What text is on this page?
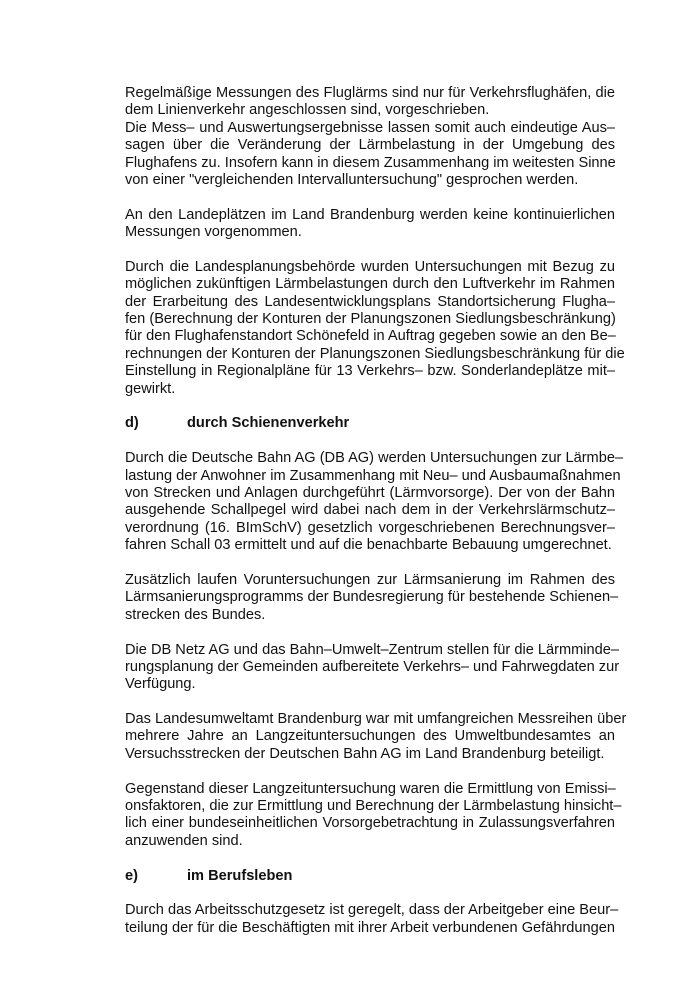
Regelmäßige Messungen des Fluglärms sind nur für Verkehrsflughäfen, die
dem Linienverkehr angeschlossen sind, vorgeschrieben.
Die Mess– und Auswertungsergebnisse lassen somit auch eindeutige Aus–
sagen über die Veränderung der Lärmbelastung in der Umgebung des
Flughafens zu. Insofern kann in diesem Zusammenhang im weitesten Sinne
von einer "vergleichenden Intervalluntersuchung" gesprochen werden.
An den Landeplätzen im Land Brandenburg werden keine kontinuierlichen
Messungen vorgenommen.
Durch die Landesplanungsbehörde wurden Untersuchungen mit Bezug zu
möglichen zukünftigen Lärmbelastungen durch den Luftverkehr im Rahmen
der Erarbeitung des Landesentwicklungsplans Standortsicherung Flugha–
fen (Berechnung der Konturen der Planungszonen Siedlungsbeschränkung)
für den Flughafenstandort Schönefeld in Auftrag gegeben sowie an den Be–
rechnungen der Konturen der Planungszonen Siedlungsbeschränkung für die
Einstellung in Regionalpläne für 13 Verkehrs– bzw. Sonderlandeplätze mit–
gewirkt.
d)	durch Schienenverkehr
Durch die Deutsche Bahn AG (DB AG) werden Untersuchungen zur Lärmbe–
lastung der Anwohner im Zusammenhang mit Neu– und Ausbaumaßnahmen
von Strecken und Anlagen durchgeführt (Lärmvorsorge). Der von der Bahn
ausgehende Schallpegel wird dabei nach dem in der Verkehrslärmschutz–
verordnung (16. BImSchV) gesetzlich vorgeschriebenen Berechnungsver–
fahren Schall 03 ermittelt und auf die benachbarte Bebauung umgerechnet.
Zusätzlich laufen Voruntersuchungen zur Lärmsanierung im Rahmen des
Lärmsanierungsprogramms der Bundesregierung für bestehende Schienen–
strecken des Bundes.
Die DB Netz AG und das Bahn–Umwelt–Zentrum stellen für die Lärmminde–
rungsplanung der Gemeinden aufbereitete Verkehrs– und Fahrwegdaten zur
Verfügung.
Das Landesumweltamt Brandenburg war mit umfangreichen Messreihen über
mehrere Jahre an Langzeituntersuchungen des Umweltbundesamtes an
Versuchsstrecken der Deutschen Bahn AG im Land Brandenburg beteiligt.
Gegenstand dieser Langzeituntersuchung waren die Ermittlung von Emissi–
onsfaktoren, die zur Ermittlung und Berechnung der Lärmbelastung hinsicht–
lich einer bundeseinheitlichen Vorsorgebetrachtung in Zulassungsverfahren
anzuwenden sind.
e)	im Berufsleben
Durch das Arbeitsschutzgesetz ist geregelt, dass der Arbeitgeber eine Beur–
teilung der für die Beschäftigten mit ihrer Arbeit verbundenen Gefährdungen
